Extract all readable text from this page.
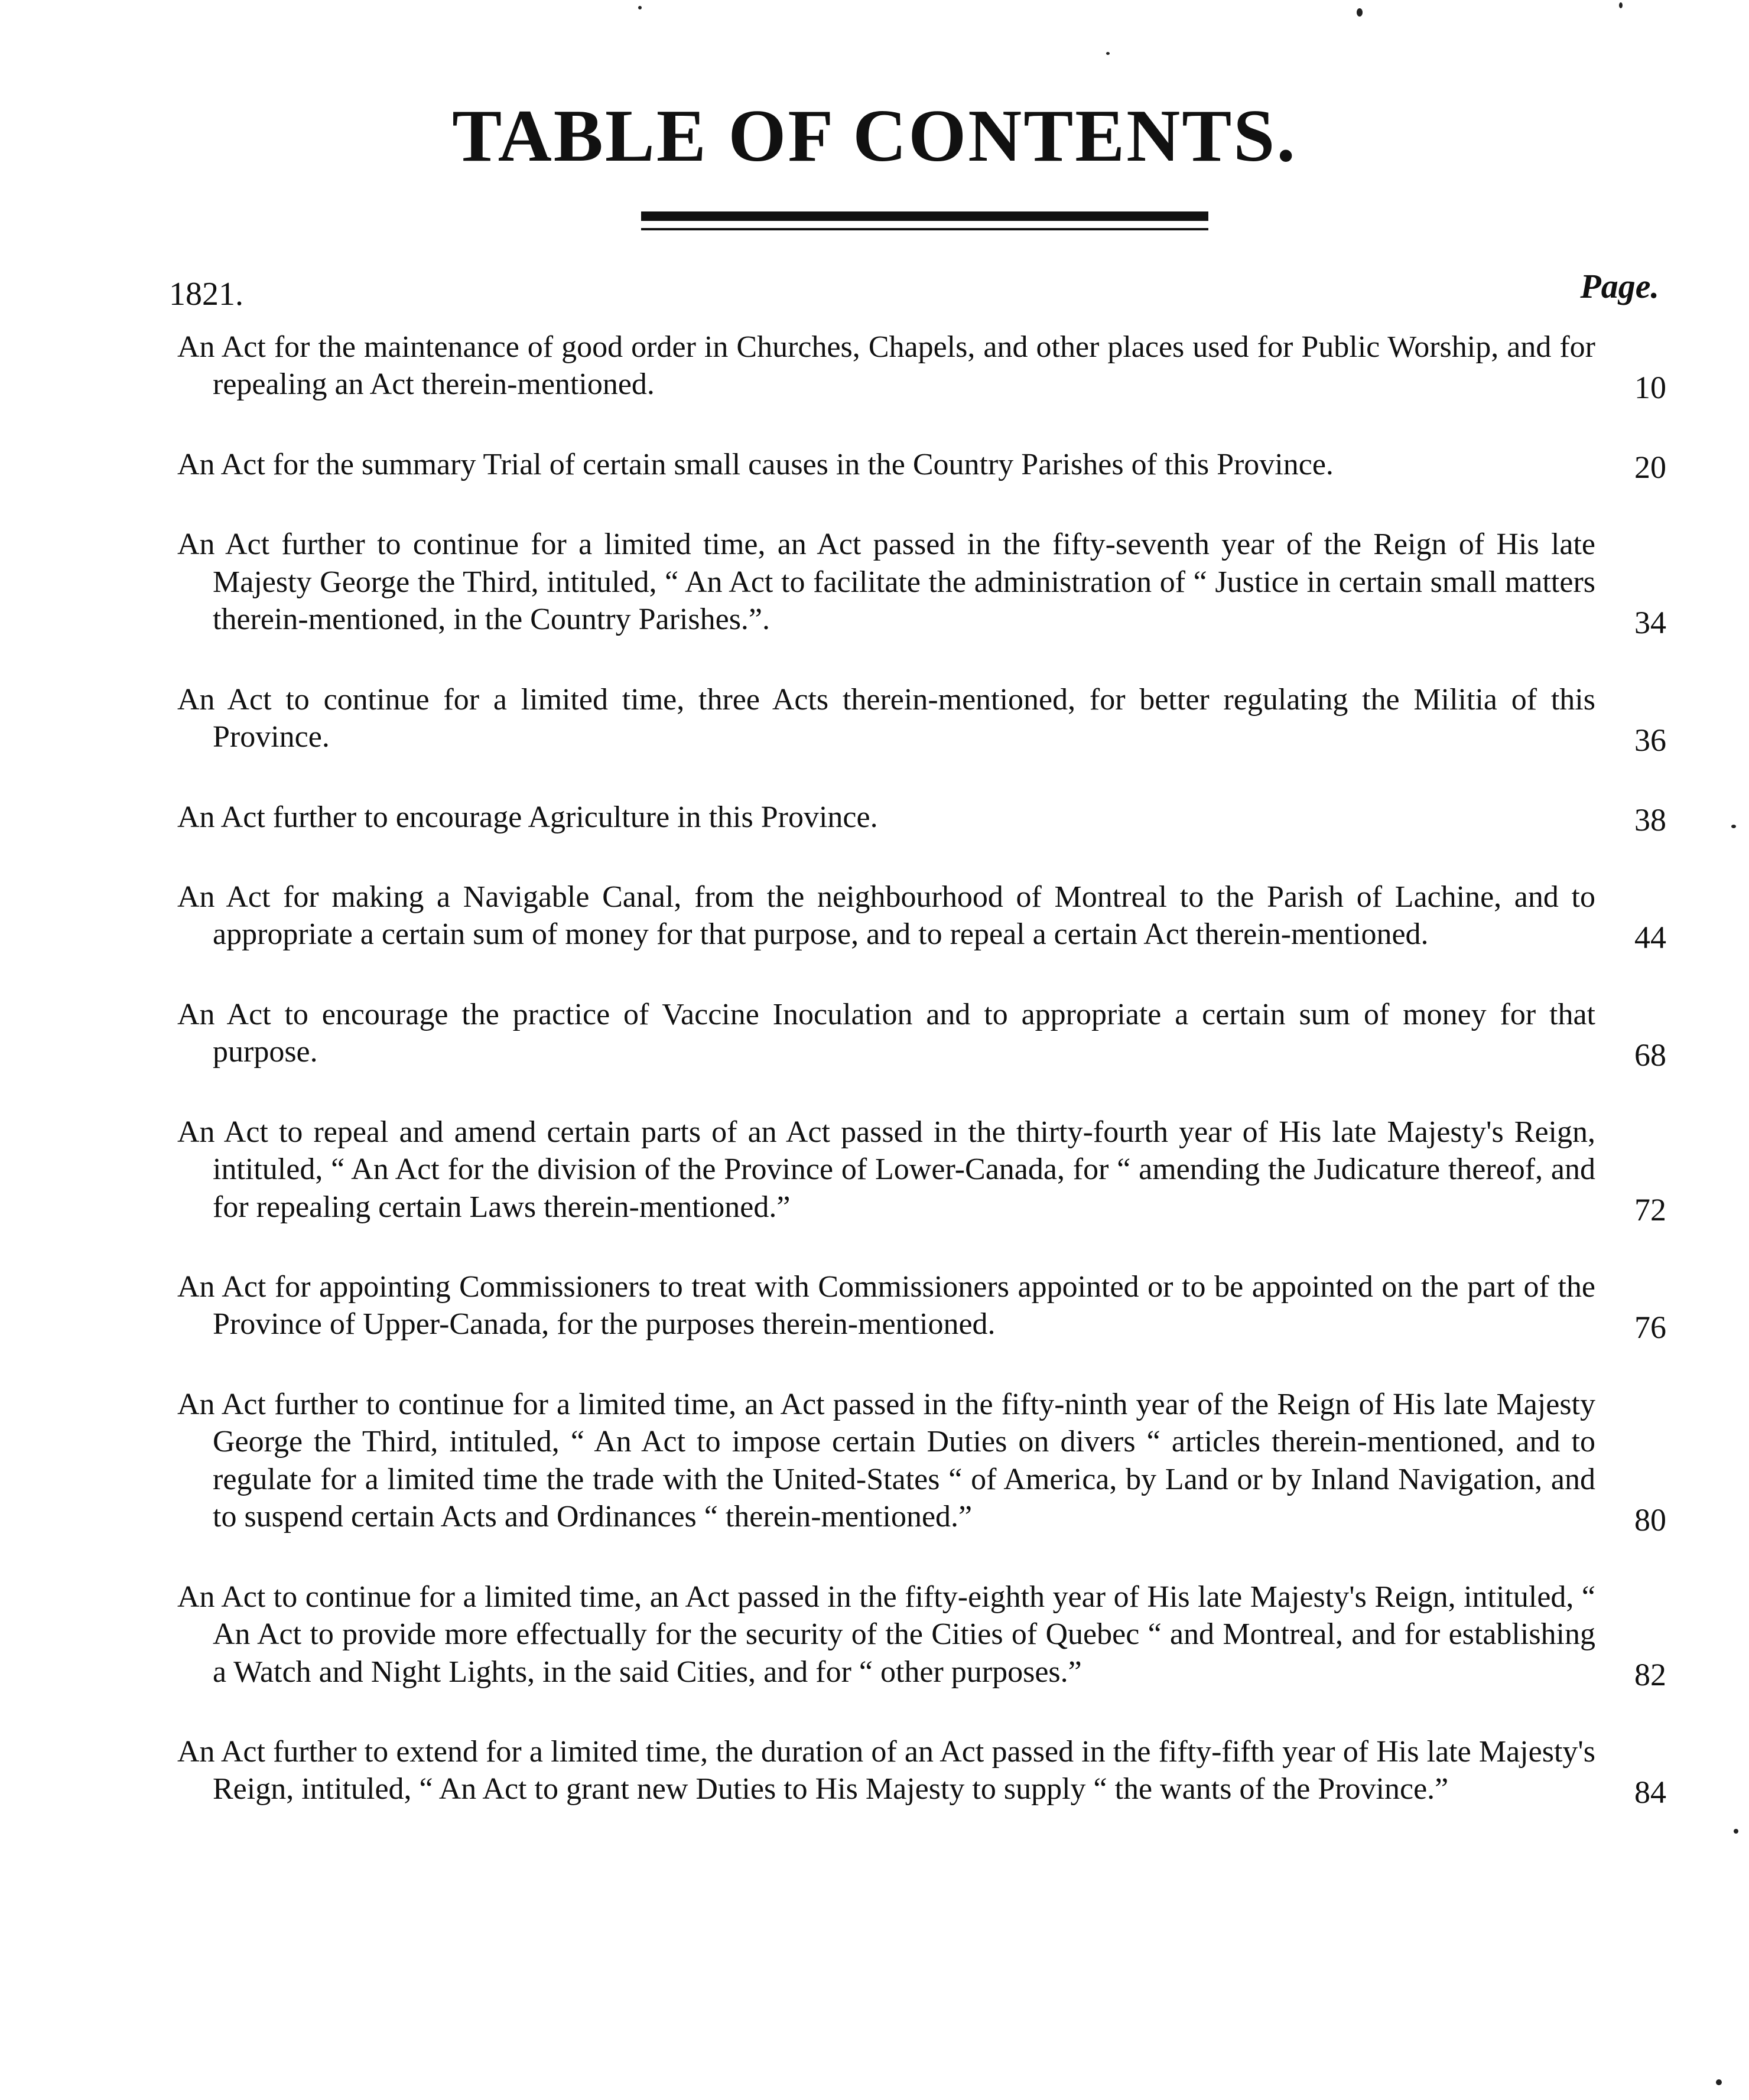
TABLE OF CONTENTS.
1821.	Page.
An Act for the maintenance of good order in Churches, Chapels, and other places used for Public Worship, and for repealing an Act therein-mentioned.	10
An Act for the summary Trial of certain small causes in the Country Parishes of this Province.	20
An Act further to continue for a limited time, an Act passed in the fifty-seventh year of the Reign of His late Majesty George the Third, intituled, “ An Act to facilitate the administration of “ Justice in certain small matters therein-mentioned, in the Country Parishes.”.	34
An Act to continue for a limited time, three Acts therein-mentioned, for better regulating the Militia of this Province.	36
An Act further to encourage Agriculture in this Province.	38
An Act for making a Navigable Canal, from the neighbourhood of Montreal to the Parish of Lachine, and to appropriate a certain sum of money for that purpose, and to repeal a certain Act therein-mentioned.	44
An Act to encourage the practice of Vaccine Inoculation and to appropriate a certain sum of money for that purpose.	68
An Act to repeal and amend certain parts of an Act passed in the thirty-fourth year of His late Majesty's Reign, intituled, “ An Act for the division of the Province of Lower-Canada, for “ amending the Judicature thereof, and for repealing certain Laws therein-mentioned.”	72
An Act for appointing Commissioners to treat with Commissioners appointed or to be appointed on the part of the Province of Upper-Canada, for the purposes therein-mentioned.	76
An Act further to continue for a limited time, an Act passed in the fifty-ninth year of the Reign of His late Majesty George the Third, intituled, “ An Act to impose certain Duties on divers “ articles therein-mentioned, and to regulate for a limited time the trade with the United-States “ of America, by Land or by Inland Navigation, and to suspend certain Acts and Ordinances “ therein-mentioned.”	80
An Act to continue for a limited time, an Act passed in the fifty-eighth year of His late Majesty's Reign, intituled, “ An Act to provide more effectually for the security of the Cities of Quebec “ and Montreal, and for establishing a Watch and Night Lights, in the said Cities, and for “ other purposes.”	82
An Act further to extend for a limited time, the duration of an Act passed in the fifty-fifth year of His late Majesty's Reign, intituled, “ An Act to grant new Duties to His Majesty to supply “ the wants of the Province.”	84
